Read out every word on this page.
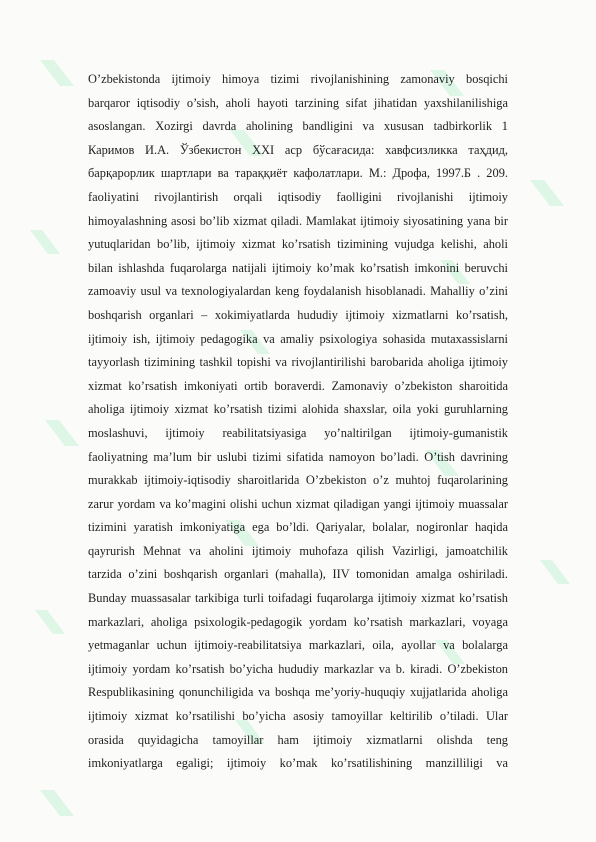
O’zbekistonda ijtimoiy himoya tizimi rivojlanishining zamonaviy bosqichi
barqaror iqtisodiy o’sish, aholi hayoti tarzining sifat jihatidan yaxshilanilishiga
asoslangan. Xozirgi davrda aholining bandligini va xususan tadbirkorlik 1
Каримов И.А. Ўзбекистон XXI аср бўсағасида: хавфсизликка таҳдид,
барқарорлик шартлари ва тараққиёт кафолатлари. М.: Дрофа, 1997.Б . 209.
faoliyatini rivojlantirish orqali iqtisodiy faolligini rivojlanishi ijtimoiy
himoyalashning asosi bo’lib xizmat qiladi. Mamlakat ijtimoiy siyosatining yana bir
yutuqlaridan bo’lib, ijtimoiy xizmat ko’rsatish tizimining vujudga kelishi, aholi
bilan ishlashda fuqarolarga natijali ijtimoiy ko’mak ko’rsatish imkonini beruvchi
zamoaviy usul va texnologiyalardan keng foydalanish hisoblanadi. Mahalliy o’zini
boshqarish organlari – xokimiyatlarda hududiy ijtimoiy xizmatlarni ko’rsatish,
ijtimoiy ish, ijtimoiy pedagogika va amaliy psixologiya sohasida mutaxassislarni
tayyorlash tizimining tashkil topishi va rivojlantirilishi barobarida aholiga ijtimoiy
xizmat ko’rsatish imkoniyati ortib boraverdi. Zamonaviy o’zbekiston sharoitida
aholiga ijtimoiy xizmat ko’rsatish tizimi alohida shaxslar, oila yoki guruhlarning
moslashuvi, ijtimoiy reabilitatsiyasiga yo’naltirilgan ijtimoiy-gumanistik
faoliyatning ma’lum bir uslubi tizimi sifatida namoyon bo’ladi. O’tish davrining
murakkab ijtimoiy-iqtisodiy sharoitlarida O’zbekiston o’z muhtoj fuqarolarining
zarur yordam va ko’magini olishi uchun xizmat qiladigan yangi ijtimoiy muassalar
tizimini yaratish imkoniyatiga ega bo’ldi. Qariyalar, bolalar, nogironlar haqida
qayrurish Mehnat va aholini ijtimoiy muhofaza qilish Vazirligi, jamoatchilik
tarzida o’zini boshqarish organlari (mahalla), IIV tomonidan amalga oshiriladi.
Bunday muassasalar tarkibiga turli toifadagi fuqarolarga ijtimoiy xizmat ko’rsatish
markazlari, aholiga psixologik-pedagogik yordam ko’rsatish markazlari, voyaga
yetmaganlar uchun ijtimoiy-reabilitatsiya markazlari, oila, ayollar va bolalarga
ijtimoiy yordam ko’rsatish bo’yicha hududiy markazlar va b. kiradi. O’zbekiston
Respublikasining qonunchiligida va boshqa me’yoriy-huquqiy xujjatlarida aholiga
ijtimoiy xizmat ko’rsatilishi bo’yicha asosiy tamoyillar keltirilib o’tiladi. Ular
orasida quyidagicha tamoyillar ham ijtimoiy xizmatlarni olishda teng
imkoniyatlarga egaligi; ijtimoiy ko’mak ko’rsatilishining manzilliligi va
